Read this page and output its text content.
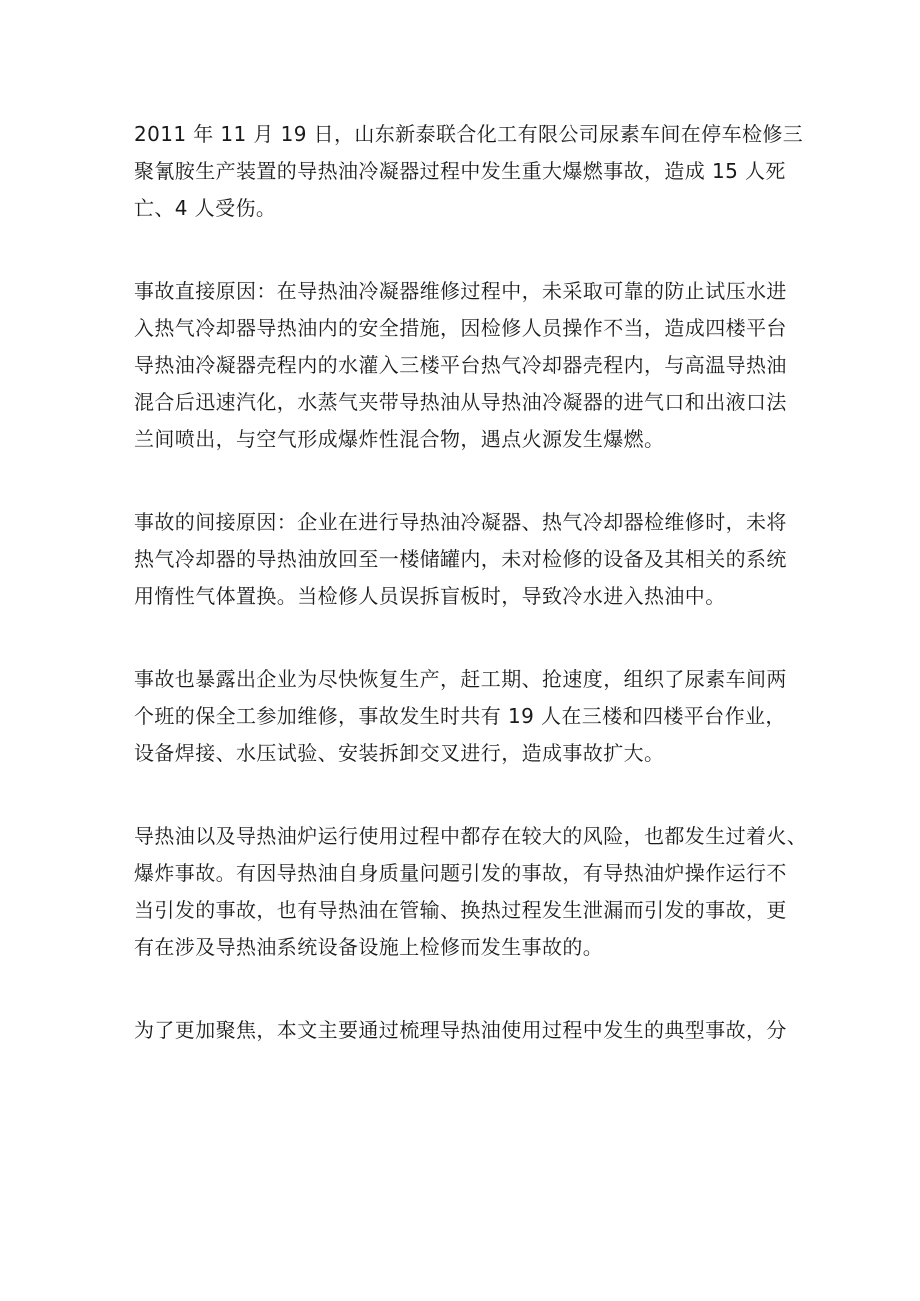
2011 年 11 月 19 日，山东新泰联合化工有限公司尿素车间在停车检修三
聚氰胺生产装置的导热油冷凝器过程中发生重大爆燃事故，造成 15 人死
亡、4 人受伤。

事故直接原因：在导热油冷凝器维修过程中，未采取可靠的防止试压水进
入热气冷却器导热油内的安全措施，因检修人员操作不当，造成四楼平台
导热油冷凝器壳程内的水灌入三楼平台热气冷却器壳程内，与高温导热油
混合后迅速汽化，水蒸气夹带导热油从导热油冷凝器的进气口和出液口法
兰间喷出，与空气形成爆炸性混合物，遇点火源发生爆燃。

事故的间接原因：企业在进行导热油冷凝器、热气冷却器检维修时，未将
热气冷却器的导热油放回至一楼储罐内，未对检修的设备及其相关的系统
用惰性气体置换。当检修人员误拆盲板时，导致冷水进入热油中。

事故也暴露出企业为尽快恢复生产，赶工期、抢速度，组织了尿素车间两
个班的保全工参加维修，事故发生时共有 19 人在三楼和四楼平台作业，
设备焊接、水压试验、安装拆卸交叉进行，造成事故扩大。

导热油以及导热油炉运行使用过程中都存在较大的风险，也都发生过着火、
爆炸事故。有因导热油自身质量问题引发的事故，有导热油炉操作运行不
当引发的事故，也有导热油在管输、换热过程发生泄漏而引发的事故，更
有在涉及导热油系统设备设施上检修而发生事故的。

为了更加聚焦，本文主要通过梳理导热油使用过程中发生的典型事故，分
